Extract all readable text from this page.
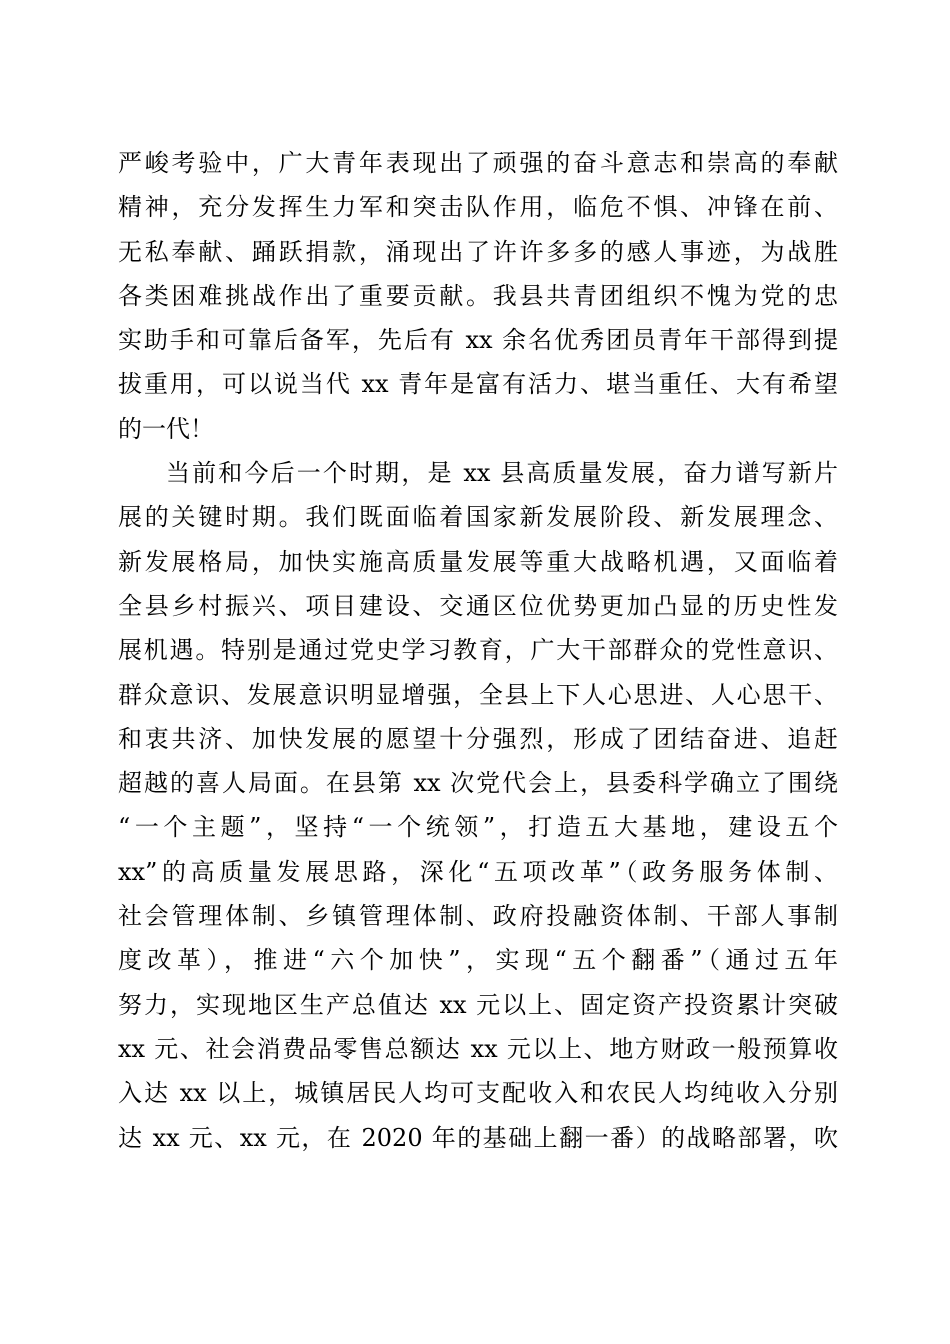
严峻考验中，广大青年表现出了顽强的奋斗意志和崇高的奉献
精神，充分发挥生力军和突击队作用，临危不惧、冲锋在前、
无私奉献、踊跃捐款，涌现出了许许多多的感人事迹，为战胜
各类困难挑战作出了重要贡献。我县共青团组织不愧为党的忠
实助手和可靠后备军，先后有 xx 余名优秀团员青年干部得到提
拔重用，可以说当代 xx 青年是富有活力、堪当重任、大有希望
的一代！
当前和今后一个时期，是 xx 县高质量发展，奋力谱写新片
展的关键时期。我们既面临着国家新发展阶段、新发展理念、
新发展格局，加快实施高质量发展等重大战略机遇，又面临着
全县乡村振兴、项目建设、交通区位优势更加凸显的历史性发
展机遇。特别是通过党史学习教育，广大干部群众的党性意识、
群众意识、发展意识明显增强，全县上下人心思进、人心思干、
和衷共济、加快发展的愿望十分强烈，形成了团结奋进、追赶
超越的喜人局面。在县第 xx 次党代会上，县委科学确立了围绕
“一个主题”，坚持“一个统领”，打造五大基地，建设五个
xx”的高质量发展思路，深化“五项改革”（政务服务体制、
社会管理体制、乡镇管理体制、政府投融资体制、干部人事制
度改革），推进“六个加快”，实现“五个翻番”（通过五年
努力，实现地区生产总值达 xx 元以上、固定资产投资累计突破
xx 元、社会消费品零售总额达 xx 元以上、地方财政一般预算收
入达 xx 以上，城镇居民人均可支配收入和农民人均纯收入分别
达 xx 元、xx 元，在 2020 年的基础上翻一番）的战略部署，吹
